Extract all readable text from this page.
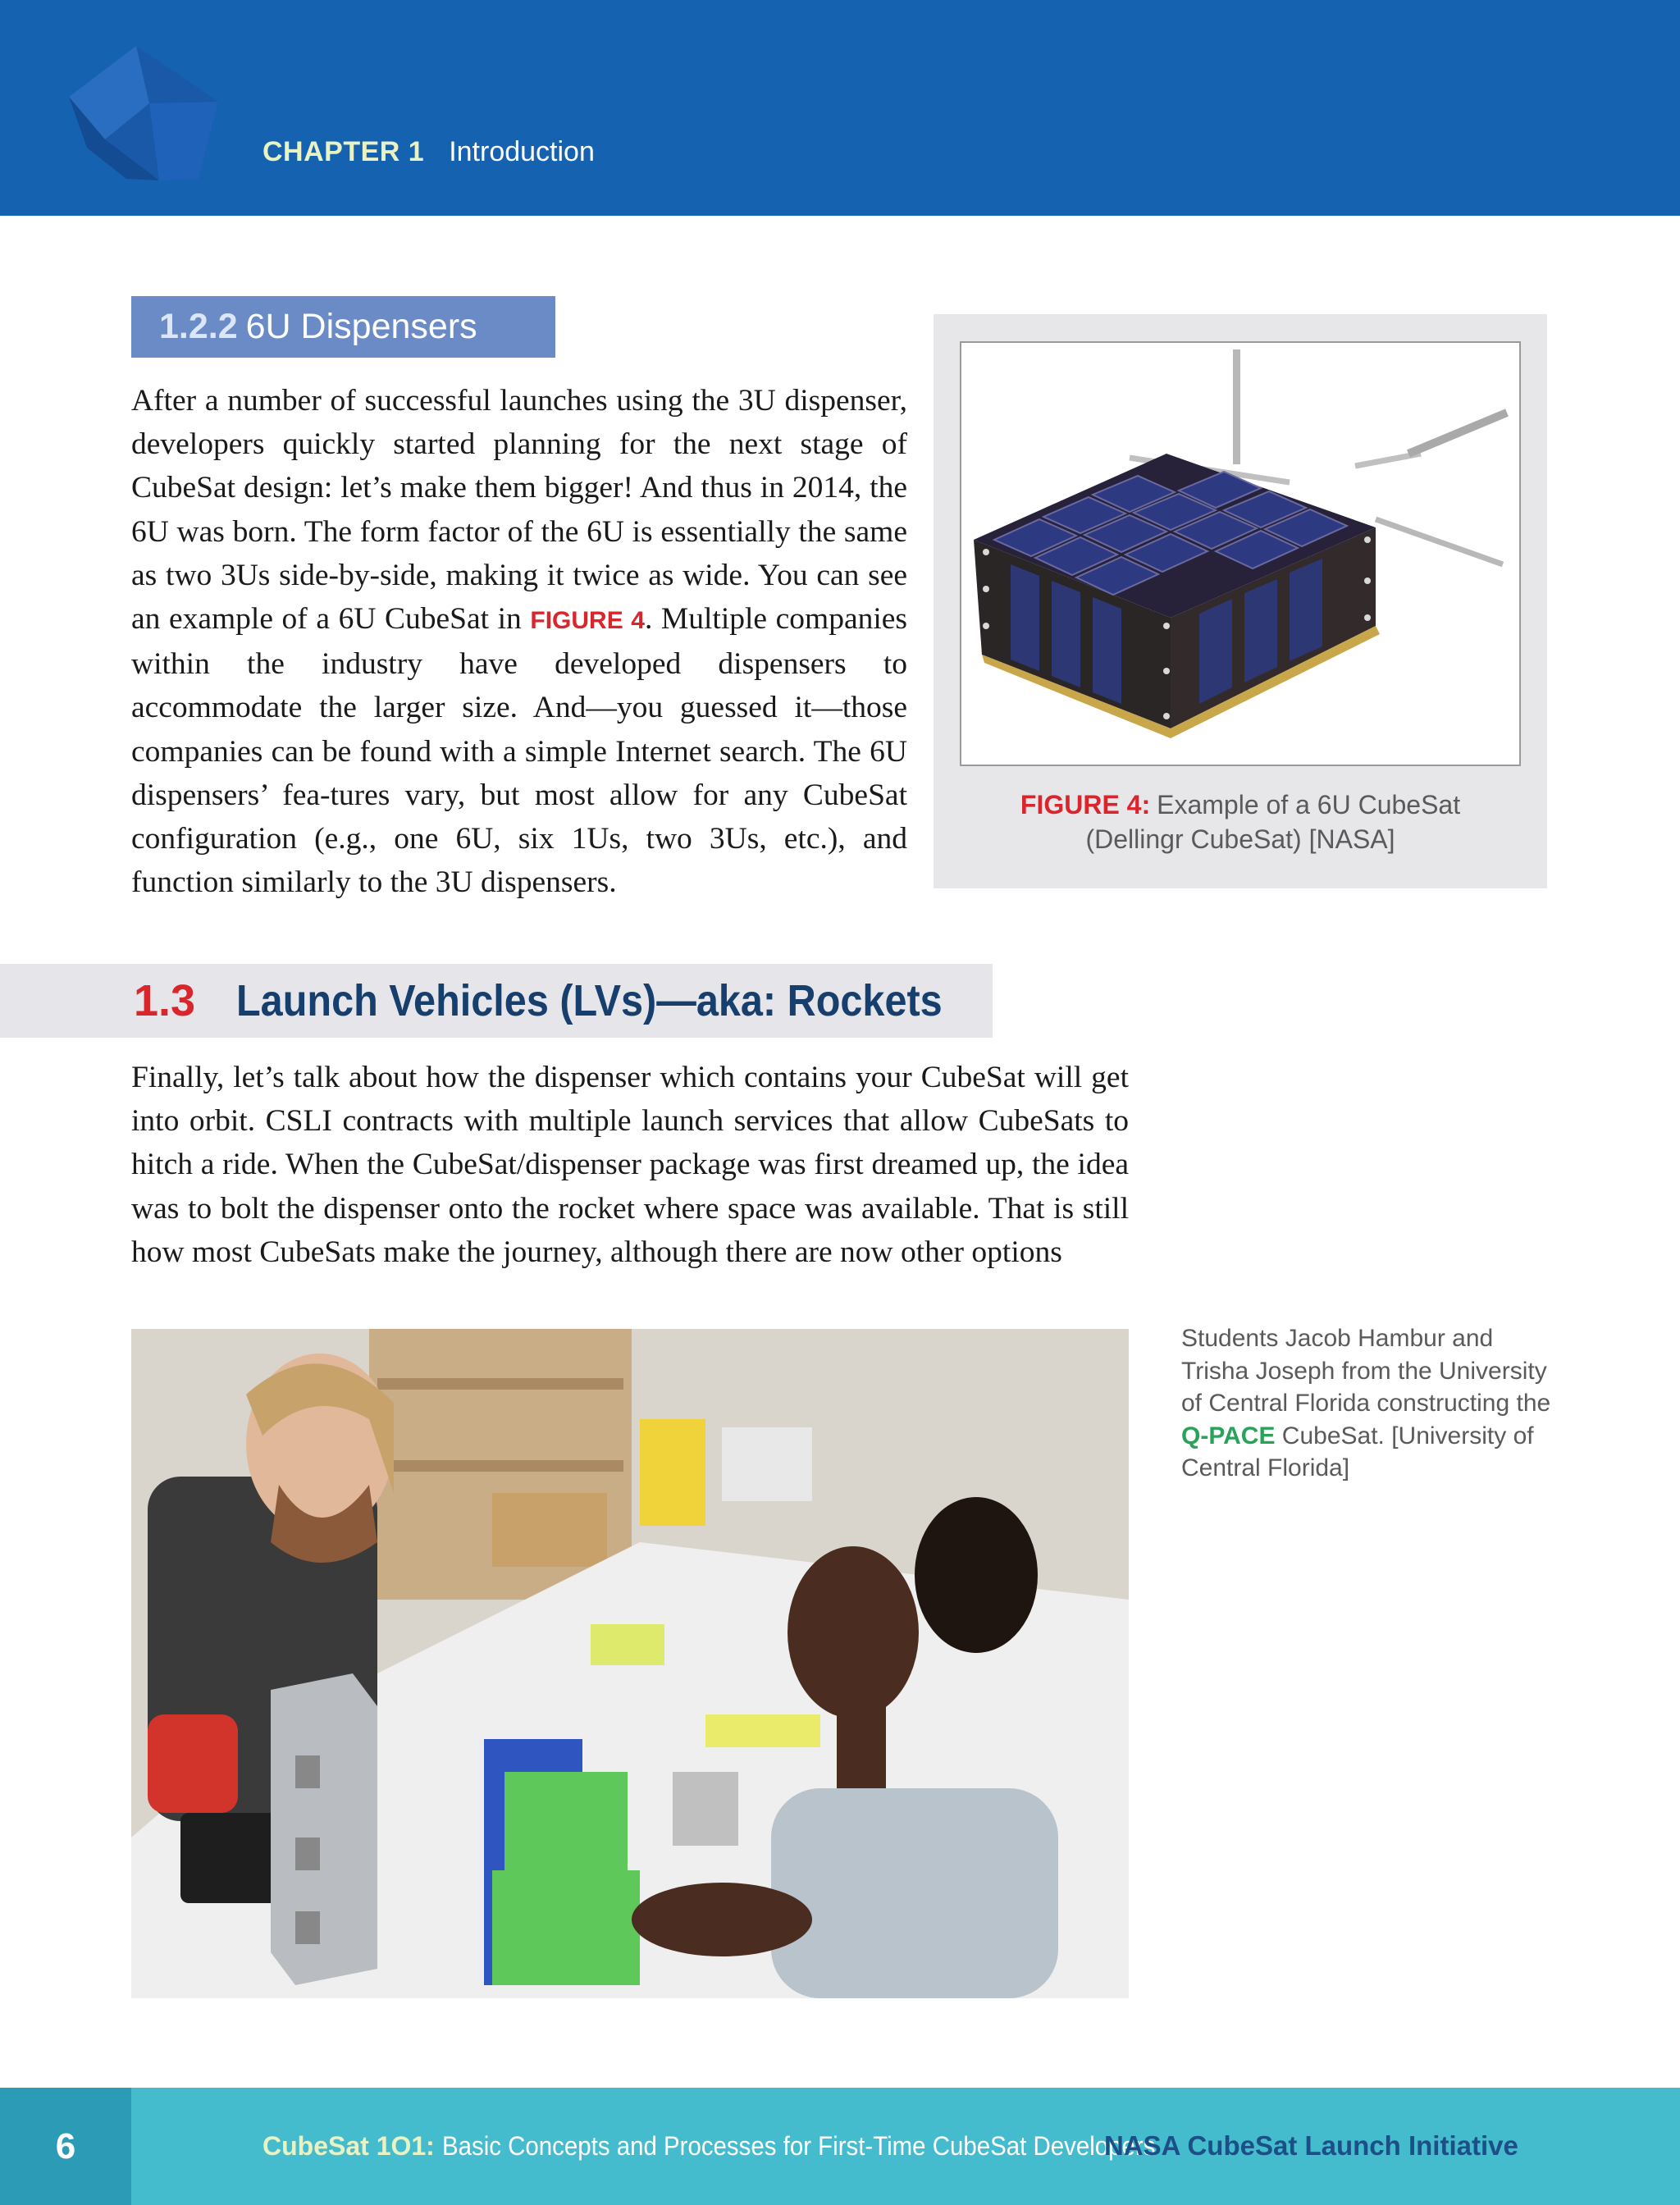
CHAPTER 1 Introduction
1.2.2 6U Dispensers

After a number of successful launches using the 3U dispenser, developers quickly started planning for the next stage of CubeSat design: let’s make them bigger! And thus in 2014, the 6U was born. The form factor of the 6U is essentially the same as two 3Us side-by-side, making it twice as wide. You can see an example of a 6U CubeSat in FIGURE 4. Multiple companies within the industry have developed dispensers to accommodate the larger size. And—you guessed it—those companies can be found with a simple Internet search. The 6U dispensers’ fea-tures vary, but most allow for any CubeSat configuration (e.g., one 6U, six 1Us, two 3Us, etc.), and function similarly to the 3U dispensers.

FIGURE 4: Example of a 6U CubeSat
(Dellingr CubeSat) [NASA]
1.3 Launch Vehicles (LVs)—aka: Rockets

Finally, let’s talk about how the dispenser which contains your CubeSat will get into orbit. CSLI contracts with multiple launch services that allow CubeSats to hitch a ride. When the CubeSat/dispenser package was first dreamed up, the idea was to bolt the dispenser onto the rocket where space was available. That is still how most CubeSats make the journey, although there are now other options

Students Jacob Hambur and Trisha Joseph from the University of Central Florida constructing the Q-PACE CubeSat. [University of Central Florida]
6	CubeSat 1O1: Basic Concepts and Processes for First-Time CubeSat Developers
NASA CubeSat Launch Initiative
